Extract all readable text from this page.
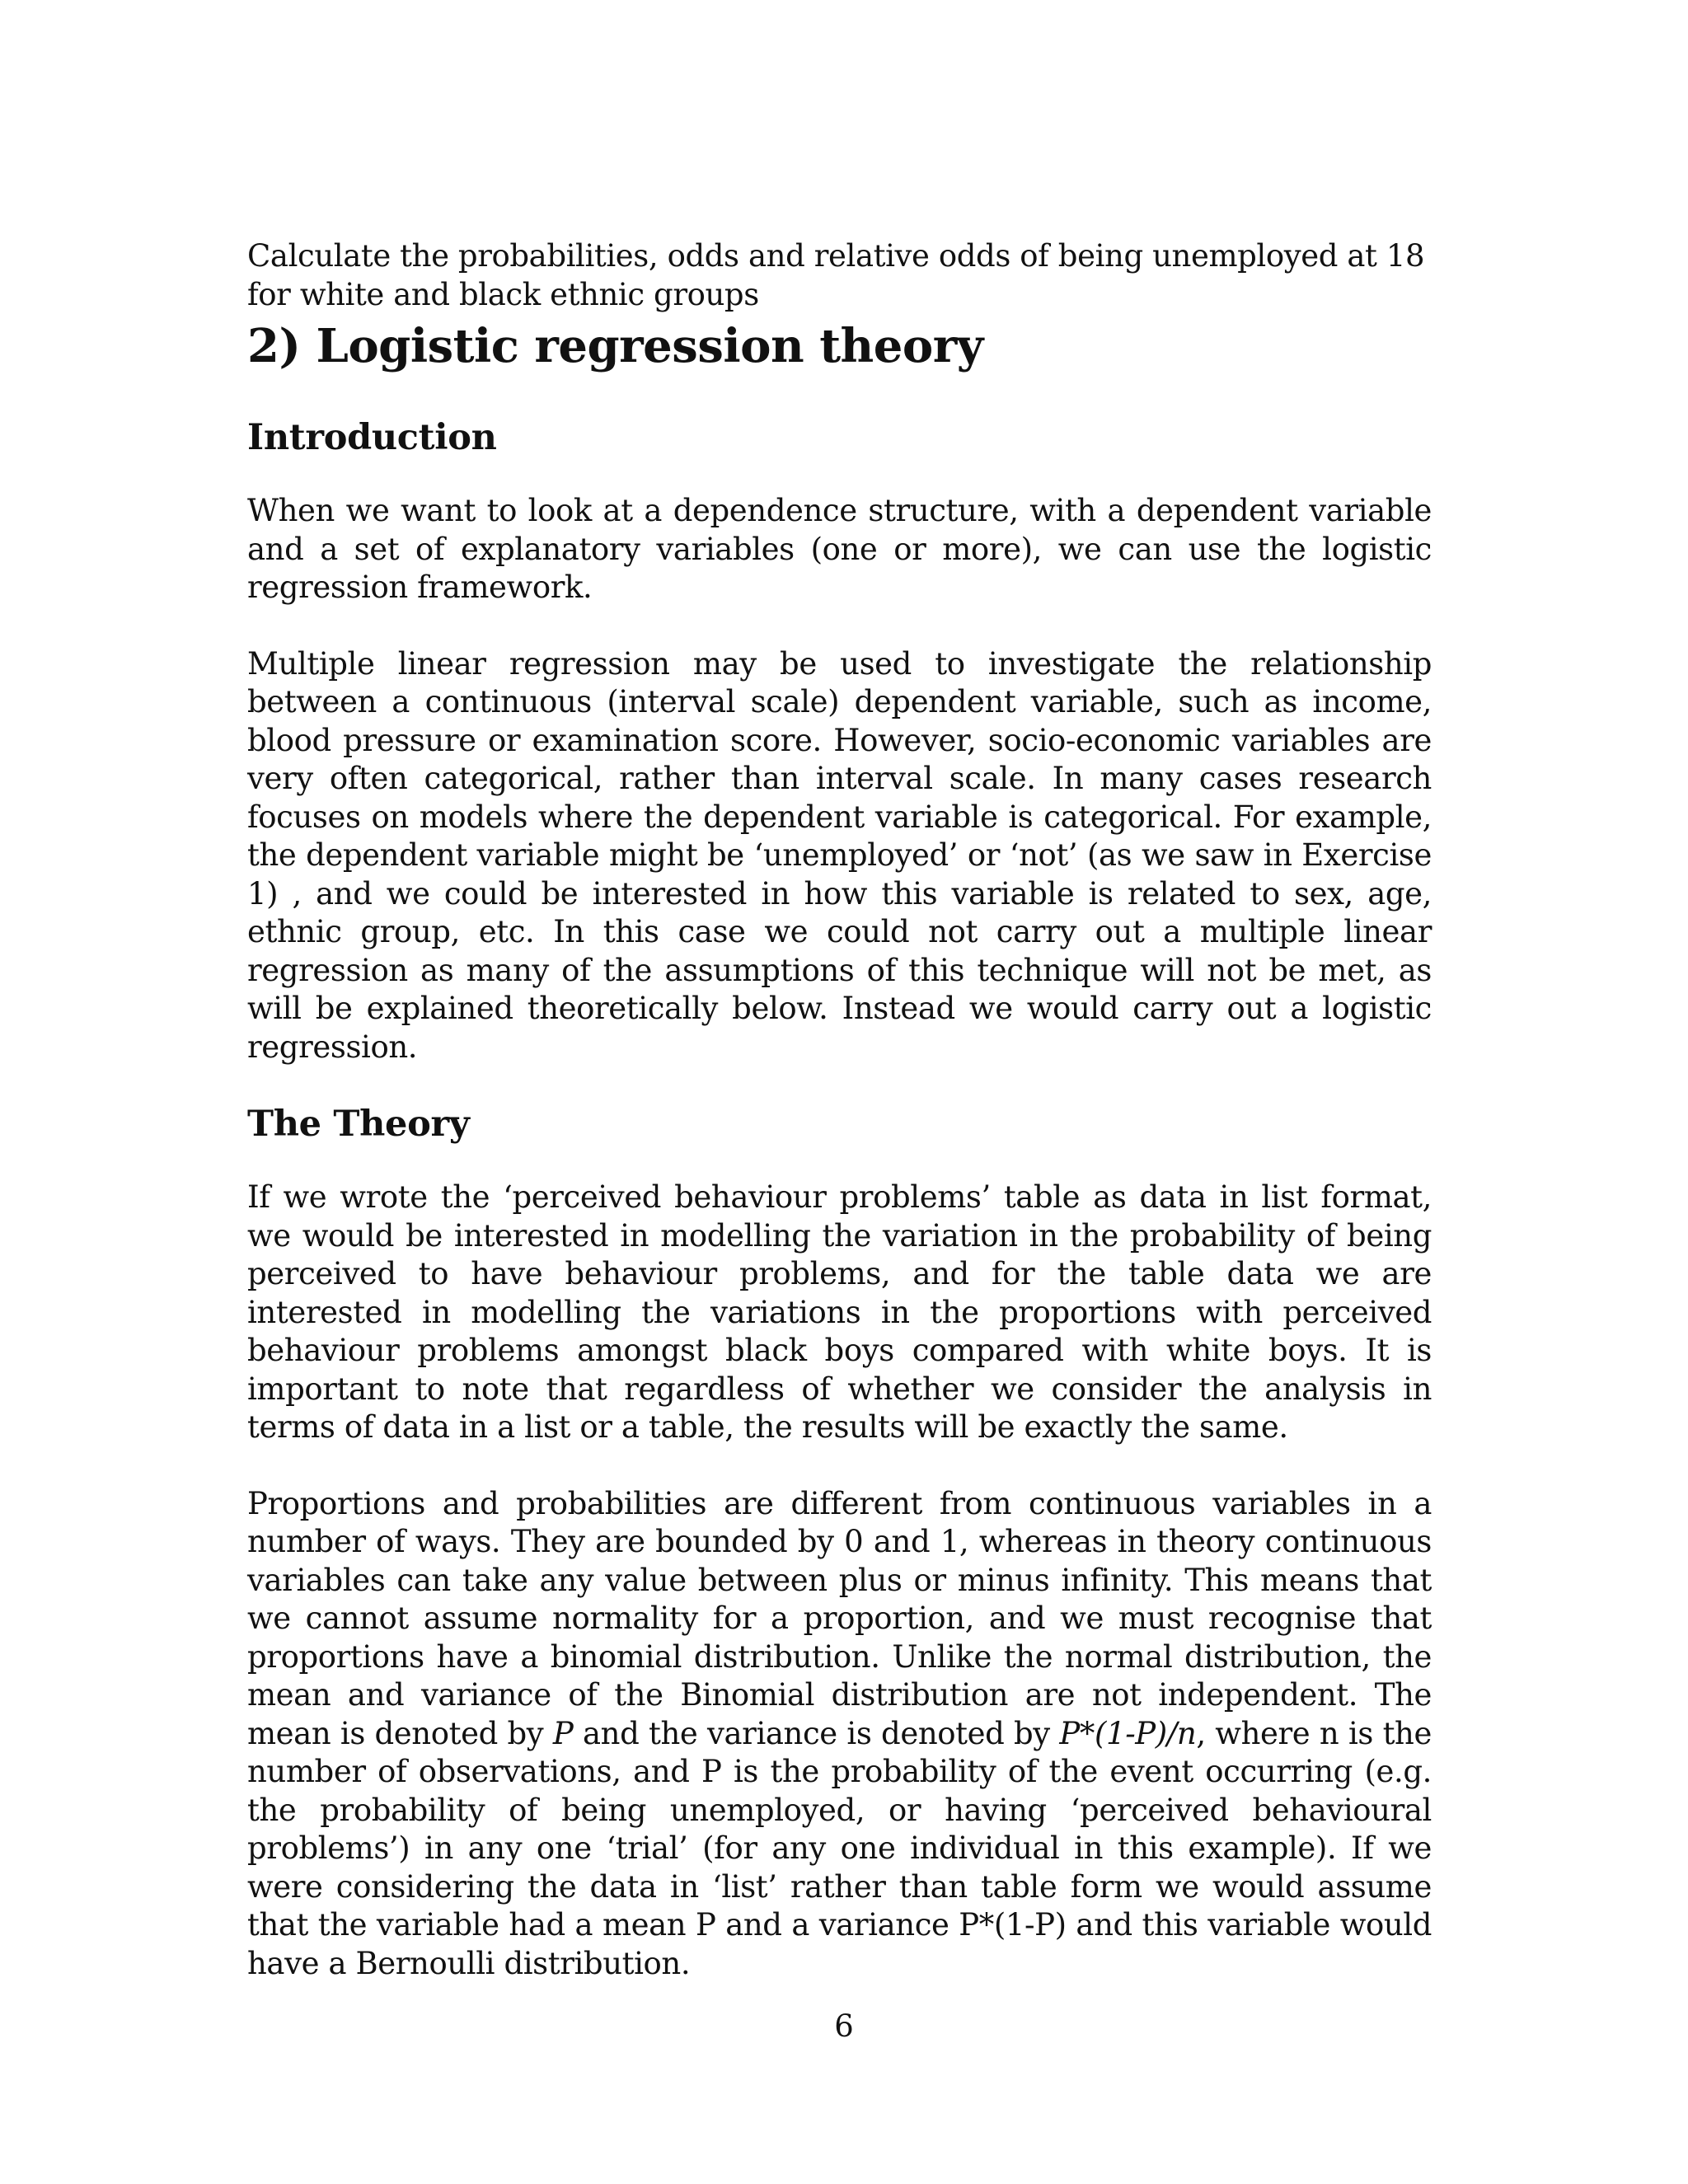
Calculate the probabilities, odds and relative odds of being unemployed at 18 for white and black ethnic groups

2) Logistic regression theory
Introduction

When we want to look at a dependence structure, with a dependent variable and a set of explanatory variables (one or more), we can use the logistic regression framework.

Multiple linear regression may be used to investigate the relationship between a continuous (interval scale) dependent variable, such as income, blood pressure or examination score. However, socio-economic variables are very often categorical, rather than interval scale. In many cases research focuses on models where the dependent variable is categorical. For example, the dependent variable might be ‘unemployed’ or ‘not’ (as we saw in Exercise 1) , and we could be interested in how this variable is related to sex, age, ethnic group, etc. In this case we could not carry out a multiple linear regression as many of the assumptions of this technique will not be met, as will be explained theoretically below. Instead we would carry out a logistic regression.

The Theory

If we wrote the ‘perceived behaviour problems’ table as data in list format, we would be interested in modelling the variation in the probability of being perceived to have behaviour problems, and for the table data we are interested in modelling the variations in the proportions with perceived behaviour problems amongst black boys compared with white boys. It is important to note that regardless of whether we consider the analysis in terms of data in a list or a table, the results will be exactly the same.

Proportions and probabilities are different from continuous variables in a number of ways. They are bounded by 0 and 1, whereas in theory continuous variables can take any value between plus or minus infinity. This means that we cannot assume normality for a proportion, and we must recognise that proportions have a binomial distribution. Unlike the normal distribution, the mean and variance of the Binomial distribution are not independent. The mean is denoted by P and the variance is denoted by P*(1-P)/n, where n is the number of observations, and P is the probability of the event occurring (e.g. the probability of being unemployed, or having ‘perceived behavioural problems’) in any one ‘trial’ (for any one individual in this example). If we were considering the data in ‘list’ rather than table form we would assume that the variable had a mean P and a variance P*(1-P) and this variable would have a Bernoulli distribution.

6
